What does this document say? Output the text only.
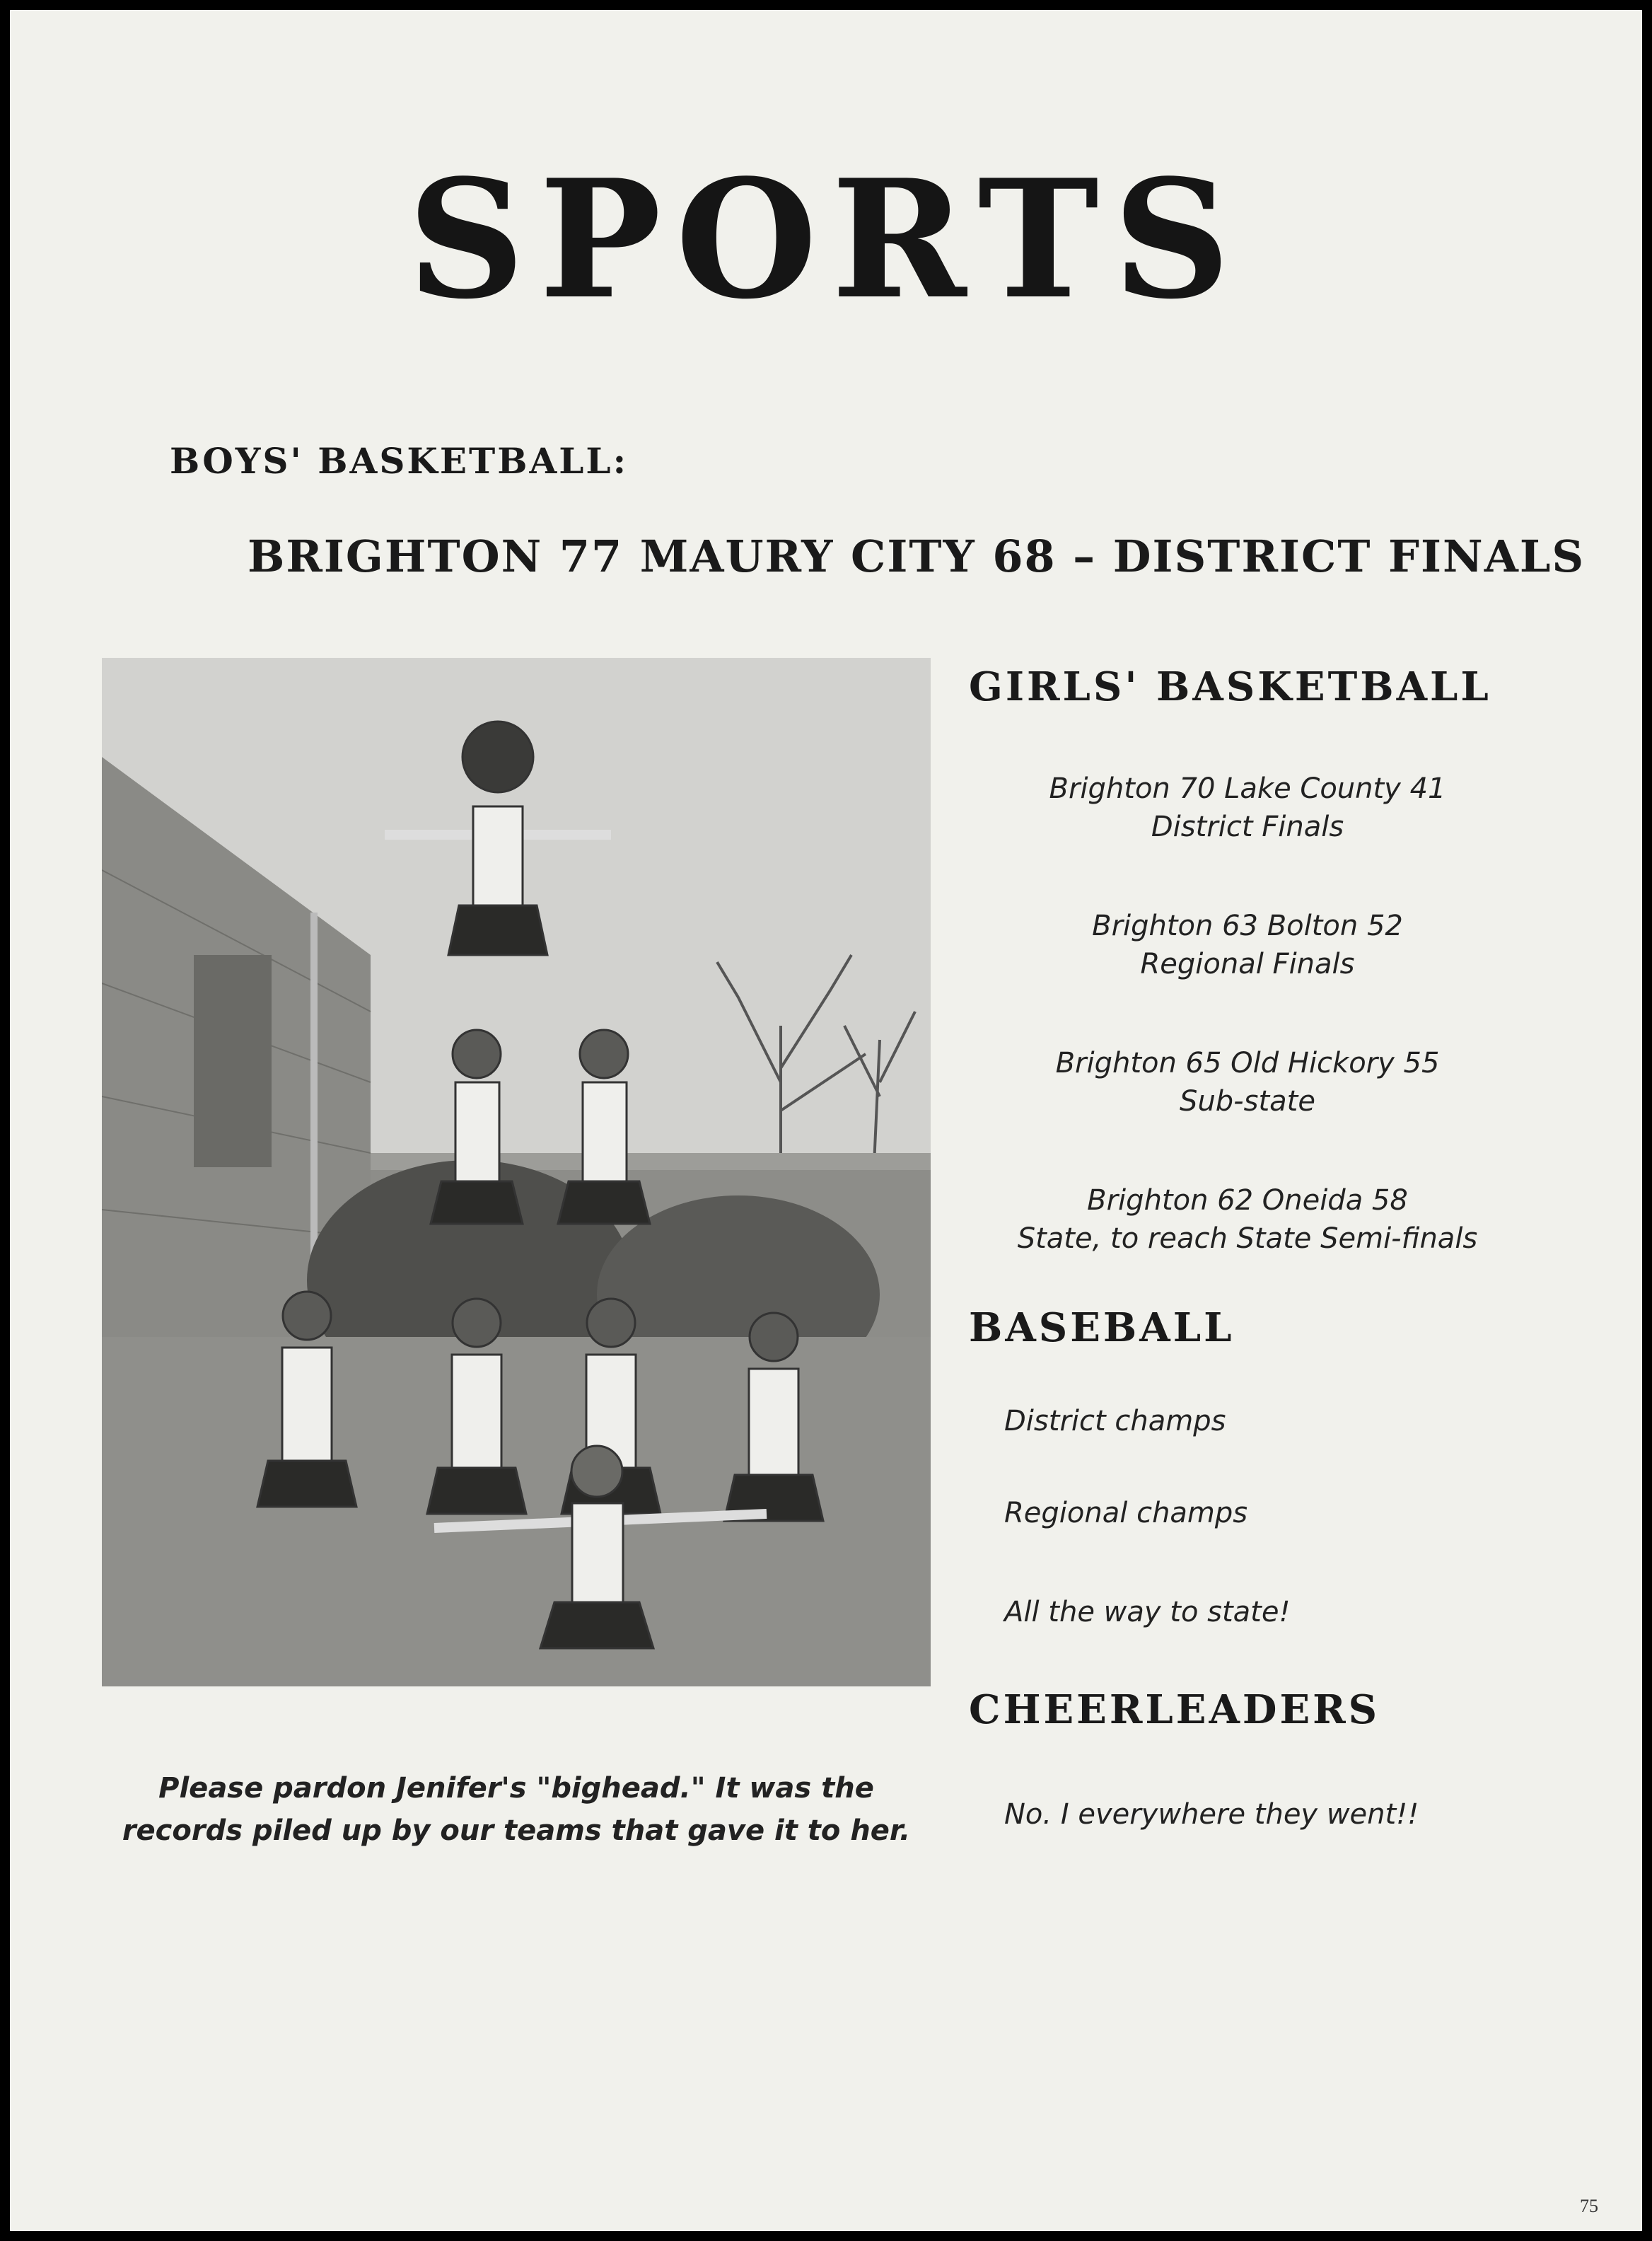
SPORTS
BOYS' BASKETBALL:
BRIGHTON 77 MAURY CITY 68 – DISTRICT FINALS
Please pardon Jenifer's "bighead." It was the
records piled up by our teams that gave it to her.
GIRLS' BASKETBALL
Brighton 70 Lake County 41
District Finals
Brighton 63 Bolton 52
Regional Finals
Brighton 65 Old Hickory 55
Sub-state
Brighton 62 Oneida 58
State, to reach State Semi-finals
BASEBALL
District champs
Regional champs
All the way to state!
CHEERLEADERS
No. I everywhere they went!!
75
